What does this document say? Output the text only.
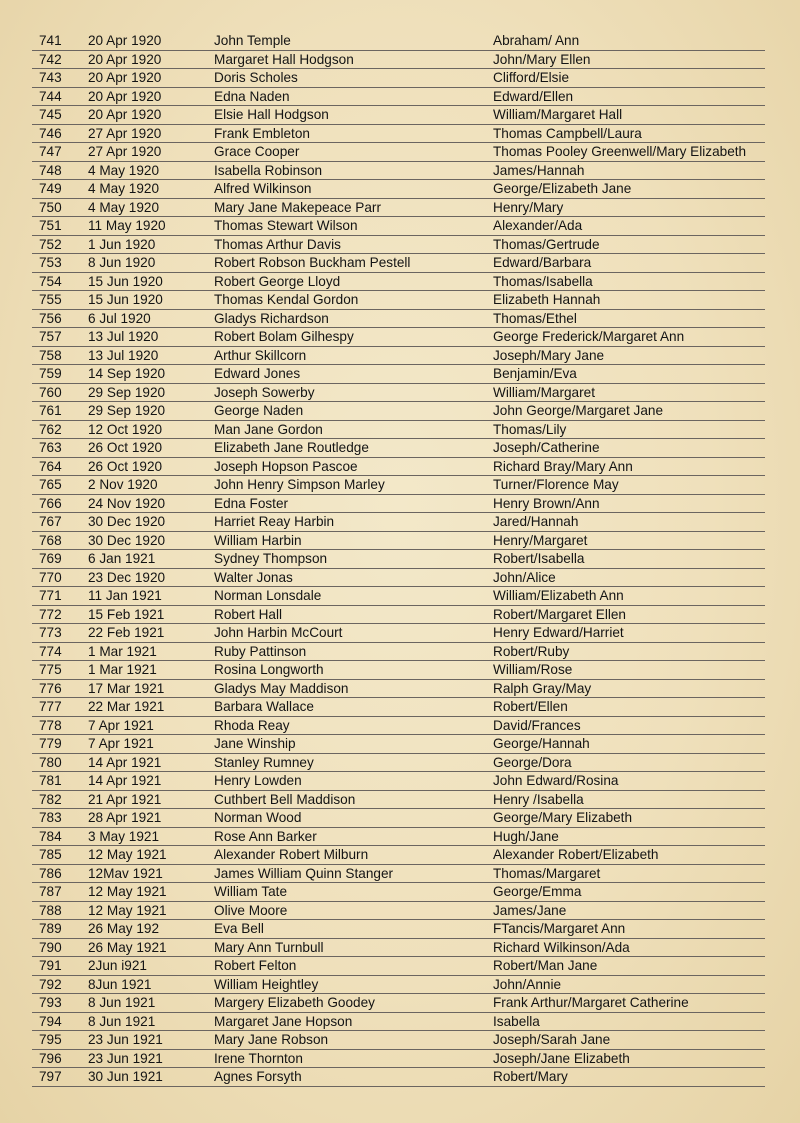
741 20 Apr 1920	John Temple	Abraham/ Ann
742 20 Apr 1920	Margaret Hall Hodgson	John/Mary Ellen
743 20 Apr 1920	Doris Scholes	Clifford/Elsie
744 20 Apr 1920	Edna Naden	Edward/Ellen
745 20 Apr 1920	Elsie Hall Hodgson	William/Margaret Hall
746 27 Apr 1920	Frank Embleton	Thomas Campbell/Laura
747 27 Apr 1920	Grace Cooper	Thomas Pooley Greenwell/Mary Elizabeth
748 4 May 1920	Isabella Robinson	James/Hannah
749 4 May 1920	Alfred Wilkinson	George/Elizabeth Jane
750 4 May 1920	Mary Jane Makepeace Parr	Henry/Mary
751 11 May 1920	Thomas Stewart Wilson	Alexander/Ada
752 1 Jun 1920	Thomas Arthur Davis	Thomas/Gertrude
753 8 Jun 1920	Robert Robson Buckham Pestell	Edward/Barbara
754 15 Jun 1920	Robert George Lloyd	Thomas/Isabella
755 15 Jun 1920	Thomas Kendal Gordon	Elizabeth Hannah
756 6 Jul 1920	Gladys Richardson	Thomas/Ethel
757 13 Jul 1920	Robert Bolam Gilhespy	George Frederick/Margaret Ann
758 13 Jul 1920	Arthur Skillcorn	Joseph/Mary Jane
759 14 Sep 1920	Edward Jones	Benjamin/Eva
760 29 Sep 1920	Joseph Sowerby	William/Margaret
761 29 Sep 1920	George Naden	John George/Margaret Jane
762 12 Oct 1920	Man Jane Gordon	Thomas/Lily
763 26 Oct 1920	Elizabeth Jane Routledge	Joseph/Catherine
764 26 Oct 1920	Joseph Hopson Pascoe	Richard Bray/Mary Ann
765 2 Nov 1920	John Henry Simpson Marley	Turner/Florence May
766 24 Nov 1920	Edna Foster	Henry Brown/Ann
767 30 Dec 1920	Harriet Reay Harbin	Jared/Hannah
768 30 Dec 1920	William Harbin	Henry/Margaret
769 6 Jan 1921	Sydney Thompson	Robert/Isabella
770 23 Dec 1920	Walter Jonas	John/Alice
771 11 Jan 1921	Norman Lonsdale	William/Elizabeth Ann
772 15 Feb 1921	Robert Hall	Robert/Margaret Ellen
773 22 Feb 1921	John Harbin McCourt	Henry Edward/Harriet
774 1 Mar 1921	Ruby Pattinson	Robert/Ruby
775 1 Mar 1921	Rosina Longworth	William/Rose
776 17 Mar 1921	Gladys May Maddison	Ralph Gray/May
777 22 Mar 1921	Barbara Wallace	Robert/Ellen
778 7 Apr 1921	Rhoda Reay	David/Frances
779 7 Apr 1921	Jane Winship	George/Hannah
780 14 Apr 1921	Stanley Rumney	George/Dora
781 14 Apr 1921	Henry Lowden	John Edward/Rosina
782 21 Apr 1921	Cuthbert Bell Maddison	Henry /Isabella
783 28 Apr 1921	Norman Wood	George/Mary Elizabeth
784 3 May 1921	Rose Ann Barker	Hugh/Jane
785 12 May 1921	Alexander Robert Milburn	Alexander Robert/Elizabeth
786 12Mav 1921	James William Quinn Stanger	Thomas/Margaret
787 12 May 1921	William Tate	George/Emma
788 12 May 1921	Olive Moore	James/Jane
789 26 May 192	Eva Bell	FTancis/Margaret Ann
790 26 May 1921	Mary Ann Turnbull	Richard Wilkinson/Ada
791 2Jun i921	Robert Felton	Robert/Man Jane
792 8Jun 1921	William Heightley	John/Annie
793 8 Jun 1921	Margery Elizabeth Goodey	Frank Arthur/Margaret Catherine
794 8 Jun 1921	Margaret Jane Hopson	Isabella
795 23 Jun 1921	Mary Jane Robson	Joseph/Sarah Jane
796 23 Jun 1921	Irene Thornton	Joseph/Jane Elizabeth
797 30 Jun 1921	Agnes Forsyth	Robert/Mary
